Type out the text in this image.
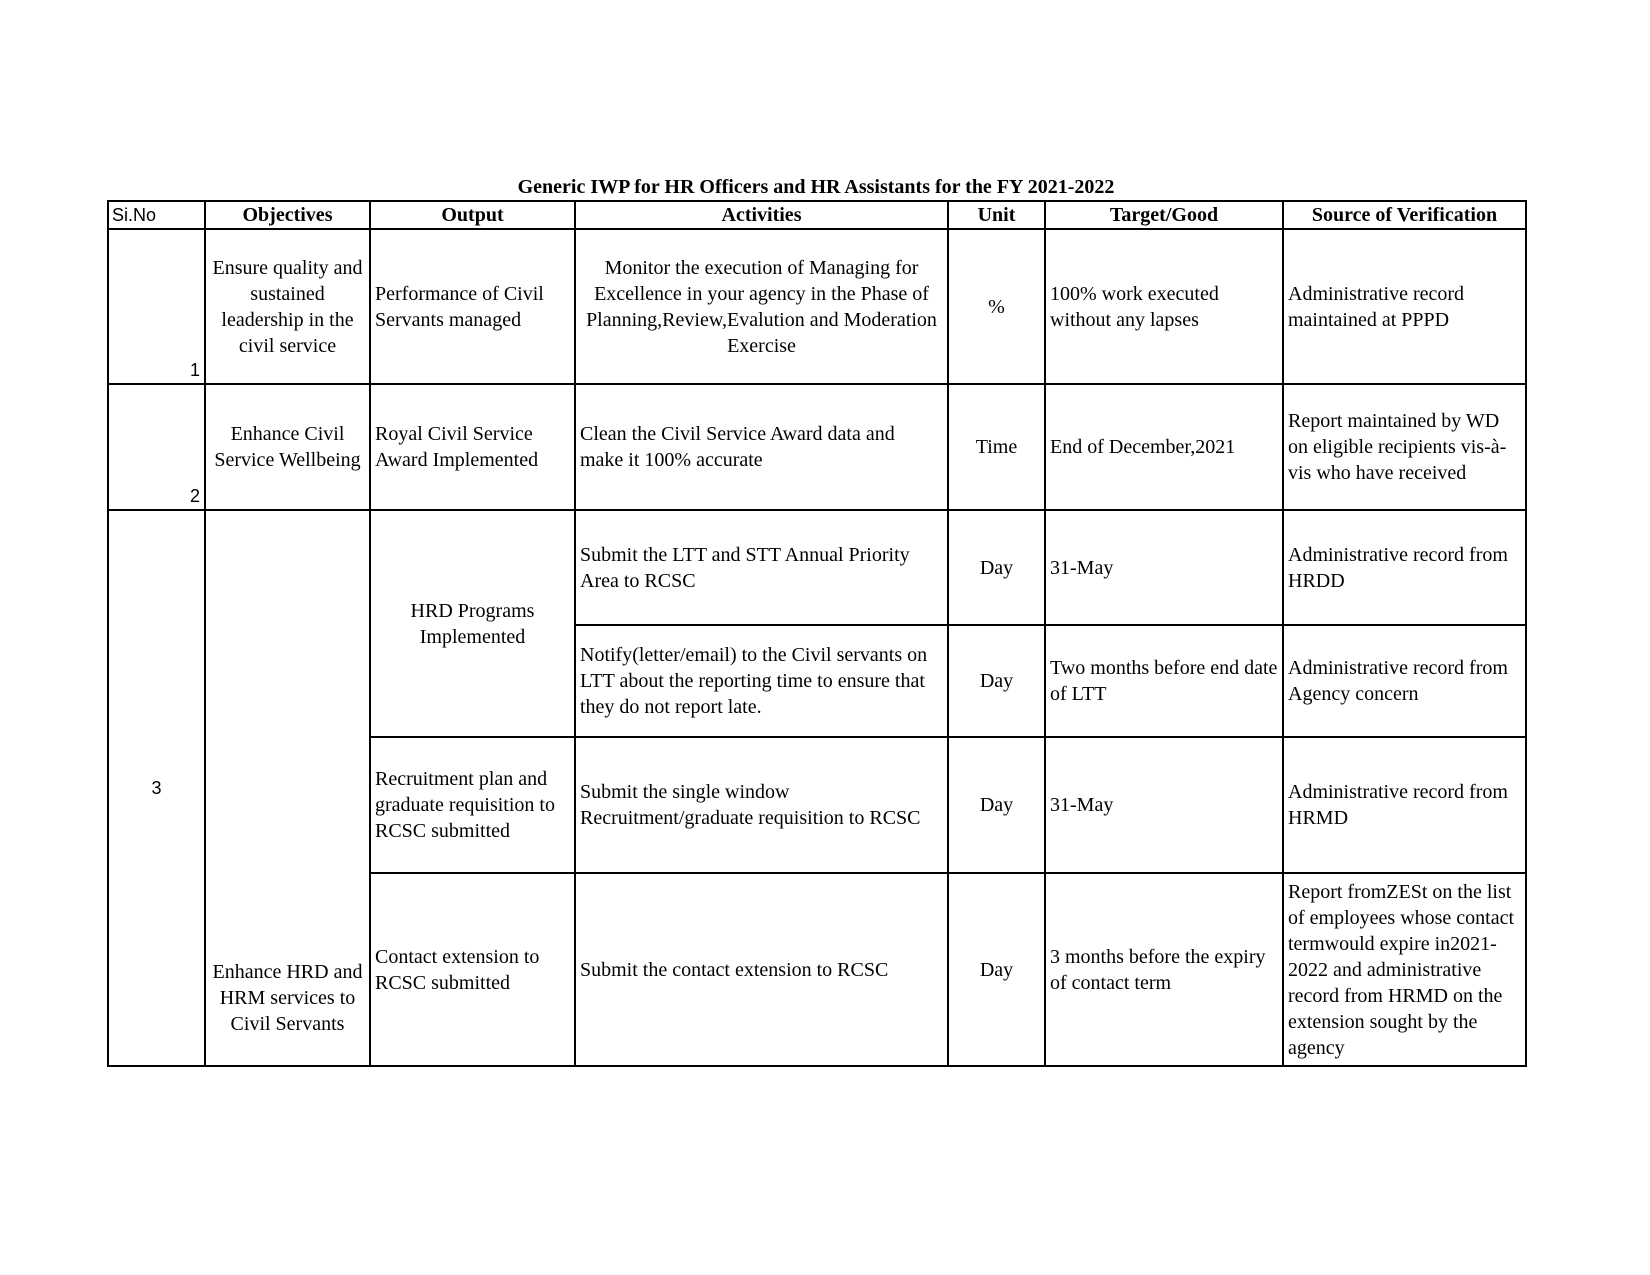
Generic IWP for HR Officers and HR Assistants for the FY 2021-2022
Si.No	Objectives	Output	Activities	Unit	Target/Good	Source of Verification
1	Ensure quality and sustained leadership in the civil service	Performance of Civil Servants managed	Monitor the execution of Managing for Excellence in your agency in the Phase of Planning,Review,Evalution and Moderation Exercise	%	100% work executed without any lapses	Administrative record maintained at PPPD
2	Enhance Civil Service Wellbeing	Royal Civil Service Award Implemented	Clean the Civil Service Award data and make it 100% accurate	Time	End of December,2021	Report maintained by WD on eligible recipients vis-à-vis who have received
3	Enhance HRD and HRM services to Civil Servants	HRD Programs Implemented	Submit the LTT and STT Annual Priority Area to RCSC	Day	31-May	Administrative record from HRDD
			Notify(letter/email) to the Civil servants on LTT about the reporting time to ensure that they do not report late.	Day	Two months before end date of LTT	Administrative record from Agency concern
		Recruitment plan and graduate requisition to RCSC submitted	Submit the single window Recruitment/graduate requisition to RCSC	Day	31-May	Administrative record from HRMD
		Contact extension to RCSC submitted	Submit the contact extension to RCSC	Day	3 months before the expiry of contact term	Report fromZESt on the list of employees whose contact termwould expire in2021-2022 and administrative record from HRMD on the extension sought by the agency
